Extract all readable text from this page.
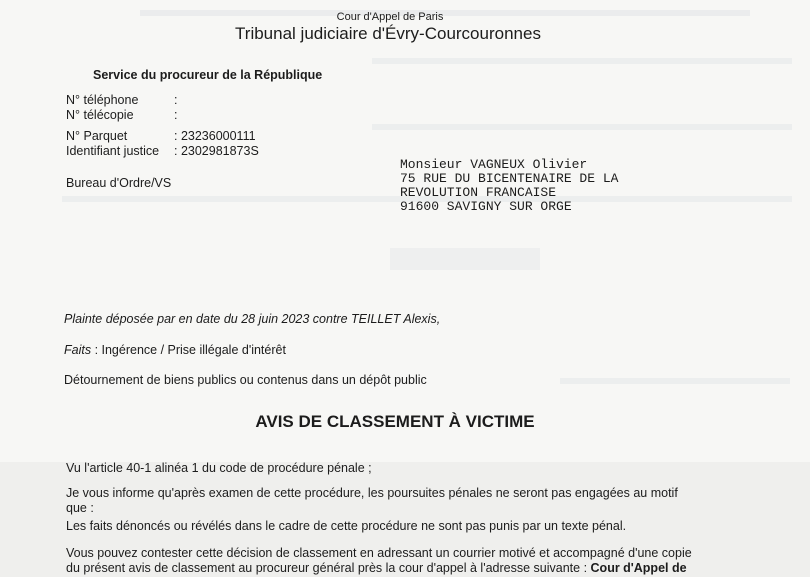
Cour d'Appel de Paris
Tribunal judiciaire d'Évry-Courcouronnes
Service du procureur de la République
N° téléphone	:
N° télécopie	:
N° Parquet	: 23236000111
Identifiant justice : 2302981873S
Bureau d'Ordre/VS
Monsieur VAGNEUX Olivier
75 RUE DU BICENTENAIRE DE LA
REVOLUTION FRANCAISE
91600 SAVIGNY SUR ORGE
Plainte déposée par en date du 28 juin 2023 contre TEILLET Alexis,
Faits : Ingérence / Prise illégale d'intérêt
Détournement de biens publics ou contenus dans un dépôt public
AVIS DE CLASSEMENT À VICTIME
Vu l'article 40-1 alinéa 1 du code de procédure pénale ;
Je vous informe qu'après examen de cette procédure, les poursuites pénales ne seront pas engagées au motif
que :
Les faits dénoncés ou révélés dans le cadre de cette procédure ne sont pas punis par un texte pénal.
Vous pouvez contester cette décision de classement en adressant un courrier motivé et accompagné d'une copie
du présent avis de classement au procureur général près la cour d'appel à l'adresse suivante : Cour d'Appel de
